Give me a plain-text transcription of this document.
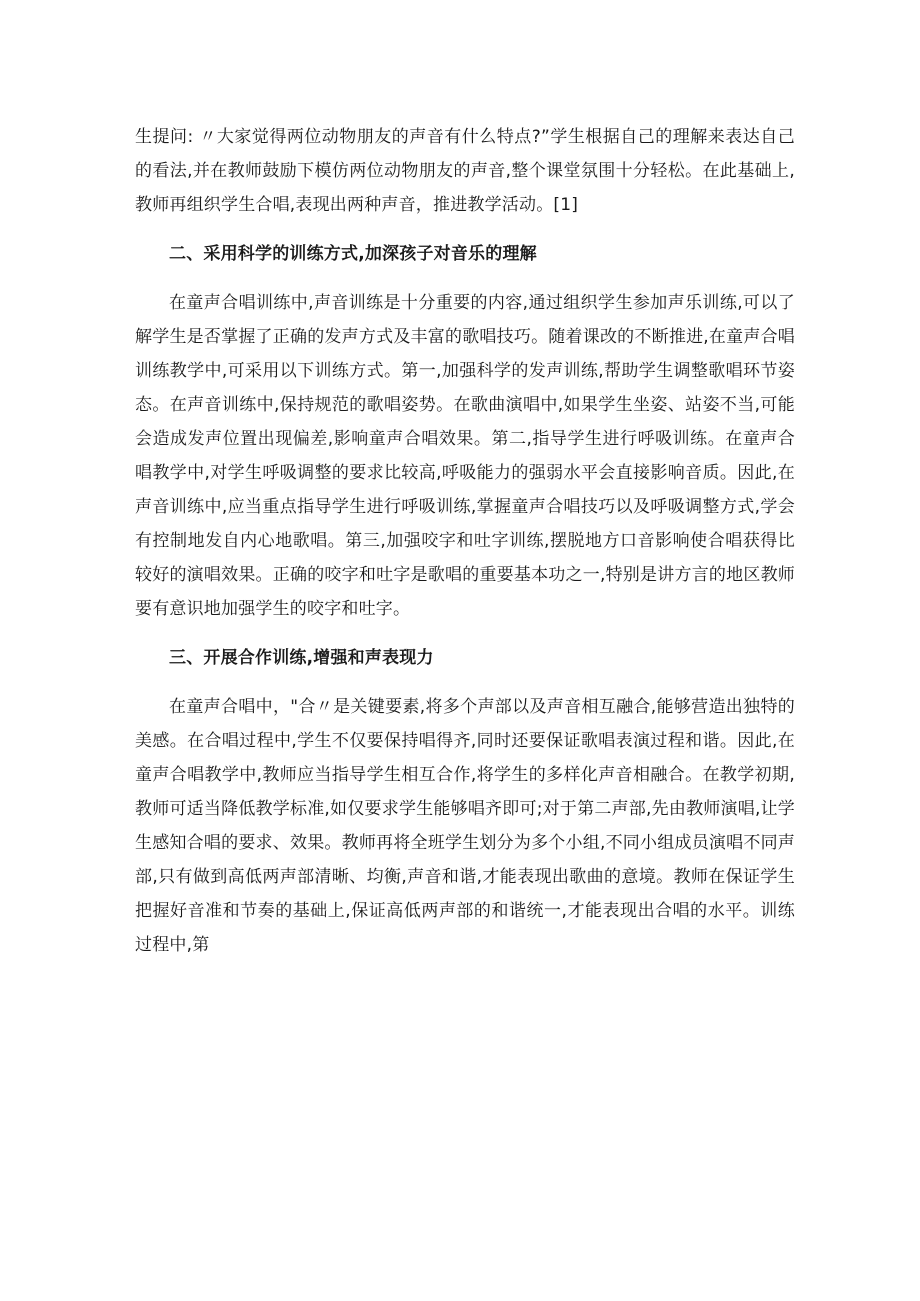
生提问: 〃大家觉得两位动物朋友的声音有什么特点?”学生根据自己的理解来表达自己的看法,并在教师鼓励下模仿两位动物朋友的声音,整个课堂氛围十分轻松。在此基础上,教师再组织学生合唱,表现出两种声音，推进教学活动。[1]

二、采用科学的训练方式,加深孩子对音乐的理解

在童声合唱训练中,声音训练是十分重要的内容,通过组织学生参加声乐训练,可以了解学生是否掌握了正确的发声方式及丰富的歌唱技巧。随着课改的不断推进,在童声合唱训练教学中,可采用以下训练方式。第一,加强科学的发声训练,帮助学生调整歌唱环节姿态。在声音训练中,保持规范的歌唱姿势。在歌曲演唱中,如果学生坐姿、站姿不当,可能会造成发声位置出现偏差,影响童声合唱效果。第二,指导学生进行呼吸训练。在童声合唱教学中,对学生呼吸调整的要求比较高,呼吸能力的强弱水平会直接影响音质。因此,在声音训练中,应当重点指导学生进行呼吸训练,掌握童声合唱技巧以及呼吸调整方式,学会有控制地发自内心地歌唱。第三,加强咬字和吐字训练,摆脱地方口音影响使合唱获得比较好的演唱效果。正确的咬字和吐字是歌唱的重要基本功之一,特别是讲方言的地区教师要有意识地加强学生的咬字和吐字。

三、开展合作训练,增强和声表现力

在童声合唱中，"合〃是关键要素,将多个声部以及声音相互融合,能够营造出独特的美感。在合唱过程中,学生不仅要保持唱得齐,同时还要保证歌唱表演过程和谐。因此,在童声合唱教学中,教师应当指导学生相互合作,将学生的多样化声音相融合。在教学初期,教师可适当降低教学标准,如仅要求学生能够唱齐即可;对于第二声部,先由教师演唱,让学生感知合唱的要求、效果。教师再将全班学生划分为多个小组,不同小组成员演唱不同声部,只有做到高低两声部清晰、均衡,声音和谐,才能表现出歌曲的意境。教师在保证学生把握好音准和节奏的基础上,保证高低两声部的和谐统一,才能表现出合唱的水平。训练过程中,第
